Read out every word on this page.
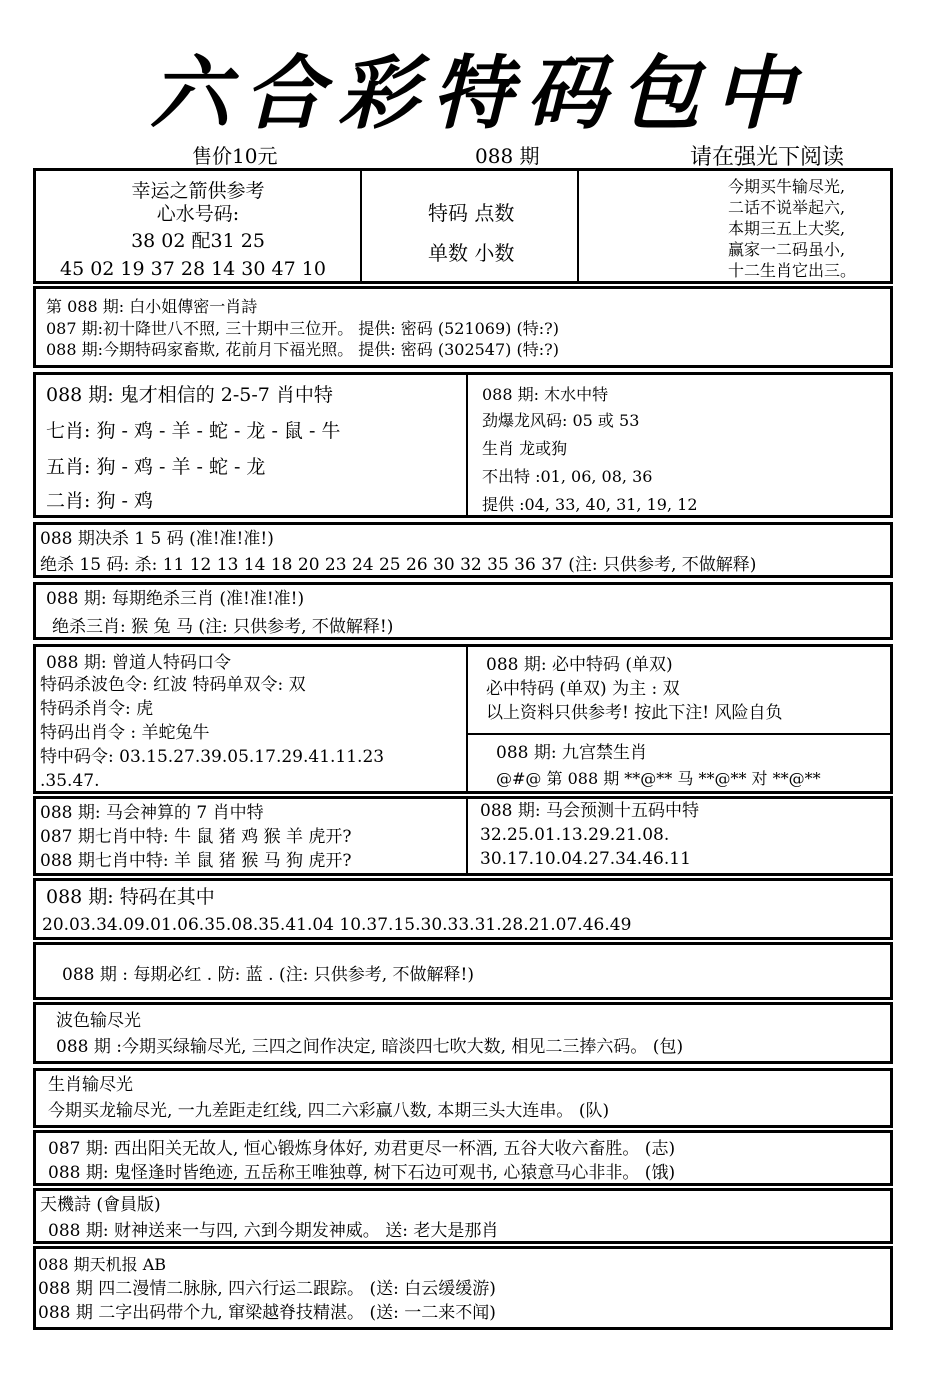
六合彩特码包中
售价10元	088 期	请在强光下阅读
幸运之箭供参考
心水号码:
38 02 配31 25
45 02 19 37 28 14 30 47 10
特码 点数
单数 小数
今期买牛输尽光,
二话不说举起六,
本期三五上大奖,
赢家一二码虽小,
十二生肖它出三。
第 088 期: 白小姐傳密一肖詩
087 期:初十降世八不照, 三十期中三位开。 提供: 密码 (521069) (特:?)
088 期:今期特码家畜欺, 花前月下福光照。 提供: 密码 (302547) (特:?)
088 期: 鬼才相信的 2-5-7 肖中特
七肖: 狗 - 鸡 - 羊 - 蛇 - 龙 - 鼠 - 牛
五肖: 狗 - 鸡 - 羊 - 蛇 - 龙
二肖: 狗 - 鸡
088 期: 木水中特
劲爆龙风码: 05 或 53
生肖 龙或狗
不出特 :01, 06, 08, 36
提供 :04, 33, 40, 31, 19, 12
088 期决杀 1 5 码 (准!准!准!)
绝杀 15 码: 杀: 11 12 13 14 18 20 23 24 25 26 30 32 35 36 37 (注: 只供参考, 不做解释)
088 期: 每期绝杀三肖 (准!准!准!)
绝杀三肖: 猴 兔 马 (注: 只供参考, 不做解释!)
088 期: 曾道人特码口令
特码杀波色令: 红波 特码单双令: 双
特码杀肖令: 虎
特码出肖令 : 羊蛇兔牛
特中码令: 03.15.27.39.05.17.29.41.11.23
.35.47.
088 期: 必中特码 (单双)
必中特码 (单双) 为主 : 双
以上资料只供参考! 按此下注! 风险自负
088 期: 九宫禁生肖
@#@ 第 088 期 **@** 马 **@** 对 **@**
088 期: 马会神算的 7 肖中特
087 期七肖中特: 牛 鼠 猪 鸡 猴 羊 虎开?
088 期七肖中特: 羊 鼠 猪 猴 马 狗 虎开?
088 期: 马会预测十五码中特
32.25.01.13.29.21.08.
30.17.10.04.27.34.46.11
088 期: 特码在其中
20.03.34.09.01.06.35.08.35.41.04 10.37.15.30.33.31.28.21.07.46.49
088 期 : 每期必红 . 防: 蓝 . (注: 只供参考, 不做解释!)
波色输尽光
088 期 :今期买绿输尽光, 三四之间作决定, 暗淡四七吹大数, 相见二三捧六码。 (包)
生肖输尽光
今期买龙输尽光, 一九差距走红线, 四二六彩赢八数, 本期三头大连串。 (队)
087 期: 西出阳关无故人, 恒心锻炼身体好, 劝君更尽一杯酒, 五谷大收六畜胜。 (志)
088 期: 鬼怪逢时皆绝迹, 五岳称王唯独尊, 树下石边可观书, 心猿意马心非非。 (饿)
天機詩 (會員版)
088 期: 财神送来一与四, 六到今期发神威。 送: 老大是那肖
088 期天机报 AB
088 期 四二漫情二脉脉, 四六行运二跟踪。 (送: 白云缓缓游)
088 期 二字出码带个九, 窜梁越脊技精湛。 (送: 一二来不闻)
